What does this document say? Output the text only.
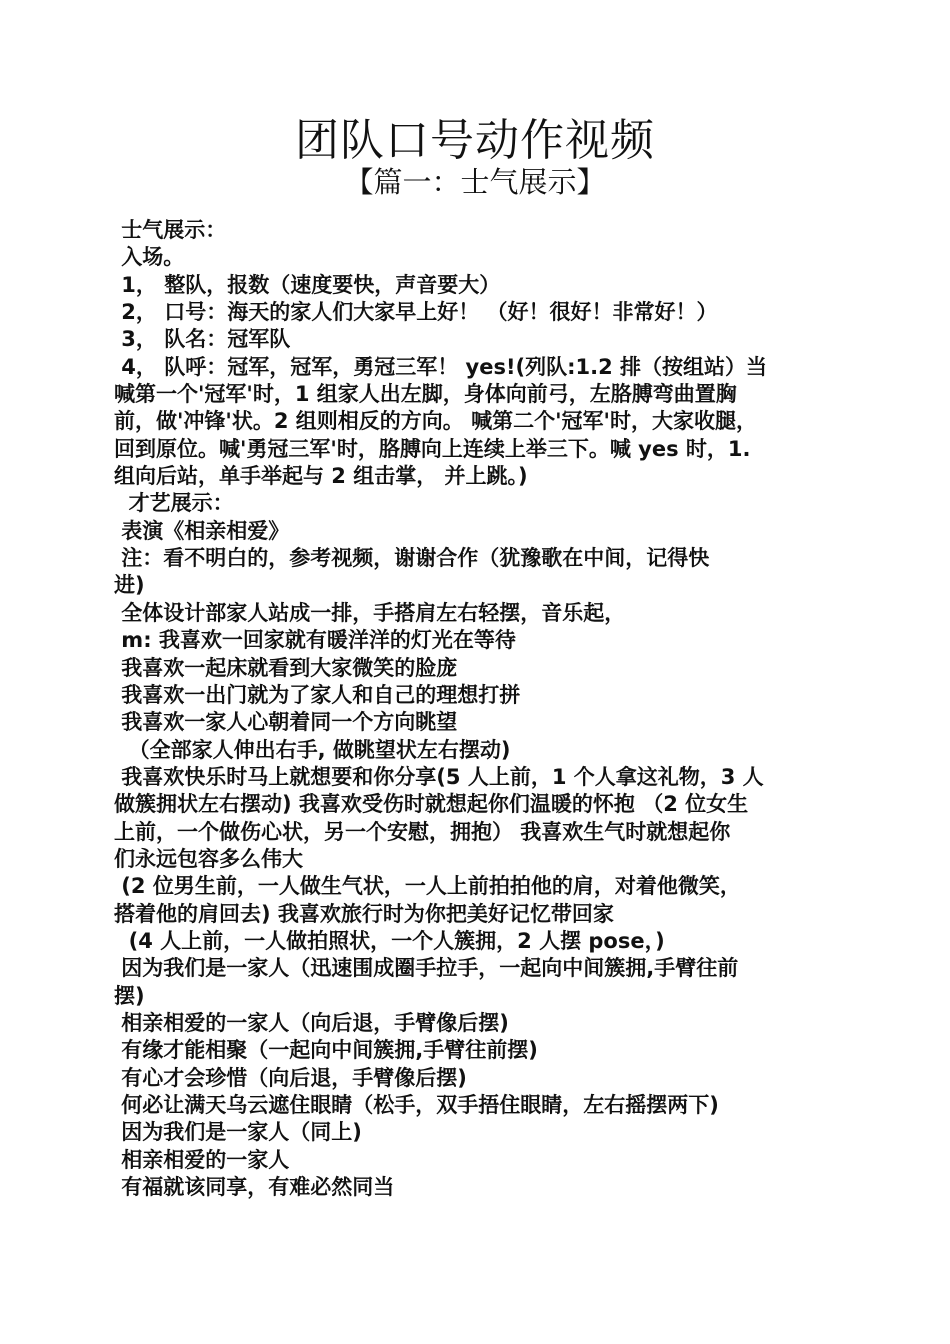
团队口号动作视频
【篇一：士气展示】
士气展示：
入场。
1， 整队，报数（速度要快，声音要大）
2， 口号：海天的家人们大家早上好！ （好！很好！非常好！）
3， 队名：冠军队
4， 队呼：冠军，冠军，勇冠三军！ yes!(列队:1.2 排（按组站）当
喊第一个'冠军'时，1 组家人出左脚，身体向前弓，左胳膊弯曲置胸
前，做'冲锋'状。2 组则相反的方向。 喊第二个'冠军'时，大家收腿，
回到原位。喊'勇冠三军'时，胳膊向上连续上举三下。喊 yes 时，1.
组向后站，单手举起与 2 组击掌， 并上跳。)
才艺展示：
表演《相亲相爱》
注：看不明白的，参考视频，谢谢合作（犹豫歌在中间，记得快
进)
全体设计部家人站成一排，手搭肩左右轻摆，音乐起，
m: 我喜欢一回家就有暖洋洋的灯光在等待
我喜欢一起床就看到大家微笑的脸庞
我喜欢一出门就为了家人和自己的理想打拼
我喜欢一家人心朝着同一个方向眺望
（全部家人伸出右手, 做眺望状左右摆动)
我喜欢快乐时马上就想要和你分享(5 人上前，1 个人拿这礼物，3 人
做簇拥状左右摆动) 我喜欢受伤时就想起你们温暖的怀抱 （2 位女生
上前，一个做伤心状，另一个安慰，拥抱） 我喜欢生气时就想起你
们永远包容多么伟大
(2 位男生前，一人做生气状，一人上前拍拍他的肩，对着他微笑，
搭着他的肩回去) 我喜欢旅行时为你把美好记忆带回家
(4 人上前，一人做拍照状，一个人簇拥，2 人摆 pose，)
因为我们是一家人（迅速围成圈手拉手，一起向中间簇拥,手臂往前
摆)
相亲相爱的一家人（向后退，手臂像后摆)
有缘才能相聚（一起向中间簇拥,手臂往前摆)
有心才会珍惜（向后退，手臂像后摆)
何必让满天乌云遮住眼睛（松手，双手捂住眼睛，左右摇摆两下)
因为我们是一家人（同上)
相亲相爱的一家人
有福就该同享，有难必然同当
